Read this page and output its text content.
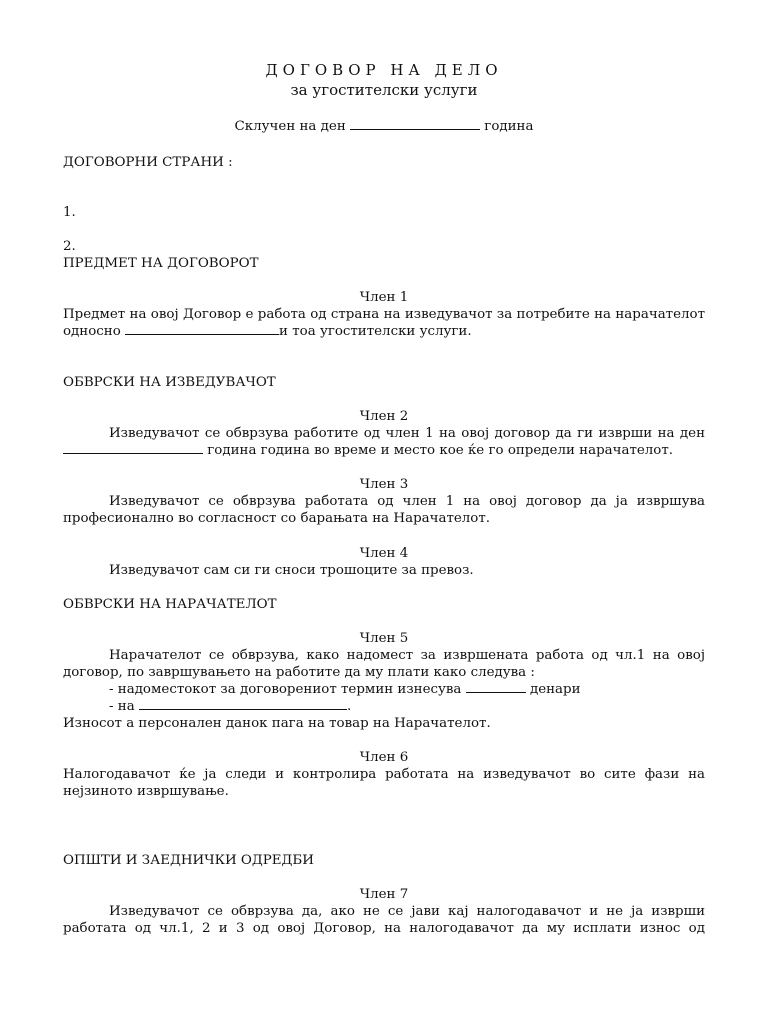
ДОГОВОР НА ДЕЛО
за угостителски услуги
Склучен на ден	година
ДОГОВОРНИ СТРАНИ :
1.
2.
ПРЕДМЕТ НА ДОГОВОРОТ
Член 1
Предмет на овој Договор е работа од страна на изведувачот за потребите на нарачателот
односно	и тоа угостителски услуги.
ОБВРСКИ НА ИЗВЕДУВАЧОТ
Член 2
Изведувачот се обврзува работите од член 1 на овој договор да ги изврши на ден
година година во време и место кое ќе го определи нарачателот.
Член 3
Изведувачот се обврзува работата од член 1 на овој договор да ја извршува професионално во согласност со барањата на Нарачателот.
Член 4
Изведувачот сам си ги сноси трошоците за превоз.
ОБВРСКИ НА НАРАЧАТЕЛОТ
Член 5
Нарачателот се обврзува, како надомест за извршената работа од чл.1 на овој договор, по завршувањето на работите да му плати како следува :
- надоместокот за договорениот термин изнесува	денари
- на	.
Износот а персонален данок пага на товар на Нарачателот.
Член 6
Налогодавачот ќе ја следи и контролира работата на изведувачот во сите фази на нејзиното извршување.
ОПШТИ И ЗАЕДНИЧКИ ОДРЕДБИ
Член 7
Изведувачот се обврзува да, ако не се јави кај налогодавачот и не ја изврши
работата од чл.1, 2 и 3 од овој Договор, на налогодавачот да му исплати износ од
